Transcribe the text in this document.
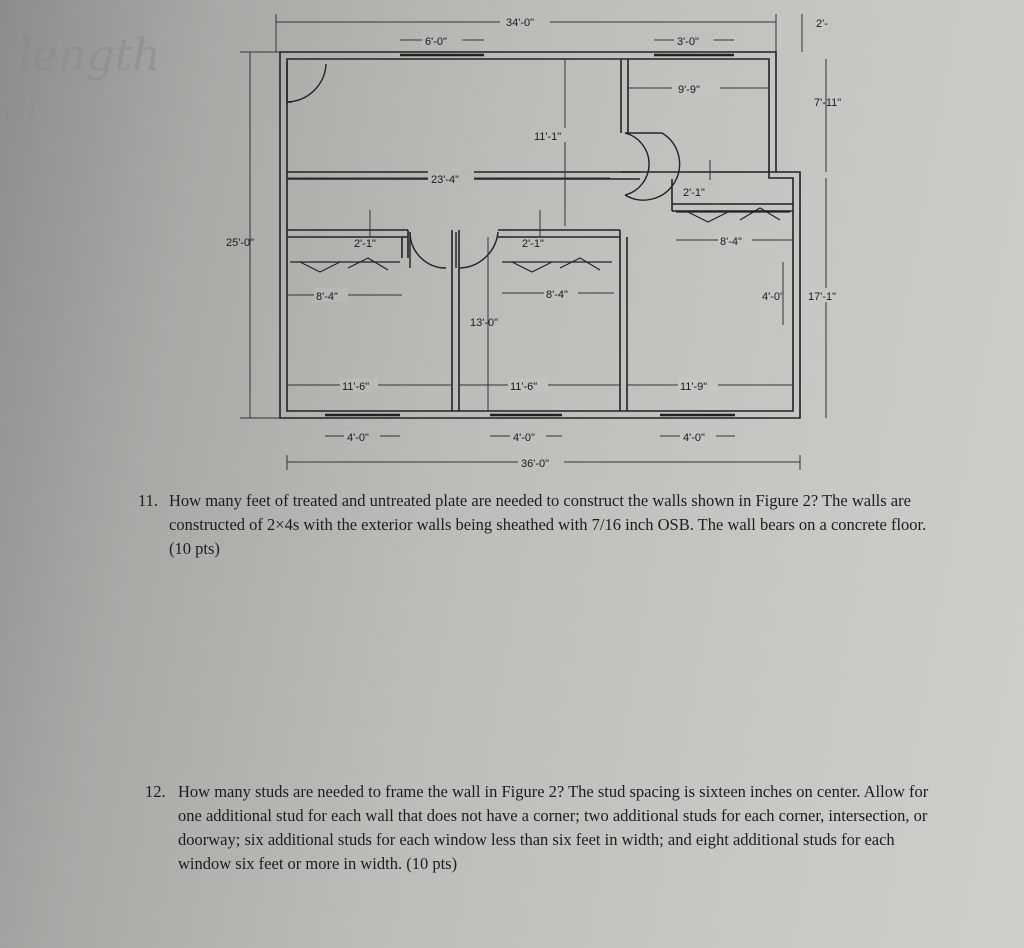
length
(2)
34'-0"	2'-
6'-0"	3'-0"
9'-9"
7'-11"
11'-1"
23'-4"
25'-0"	2'-1"	2'-1"
2'-1"
8'-4"	8'-4"
8'-4"
4'-0" 17'-1"
13'-0"
11'-6"	11'-6"	11'-9"
4'-0"	4'-0"	4'-0"
36'-0"
11. How many feet of treated and untreated plate are needed to construct the walls shown in Figure 2? The walls are constructed of 2×4s with the exterior walls being sheathed with 7/16 inch OSB. The wall bears on a concrete floor. (10 pts)
12. How many studs are needed to frame the wall in Figure 2? The stud spacing is sixteen inches on center. Allow for one additional stud for each wall that does not have a corner; two additional studs for each corner, intersection, or doorway; six additional studs for each window less than six feet in width; and eight additional studs for each window six feet or more in width. (10 pts)
